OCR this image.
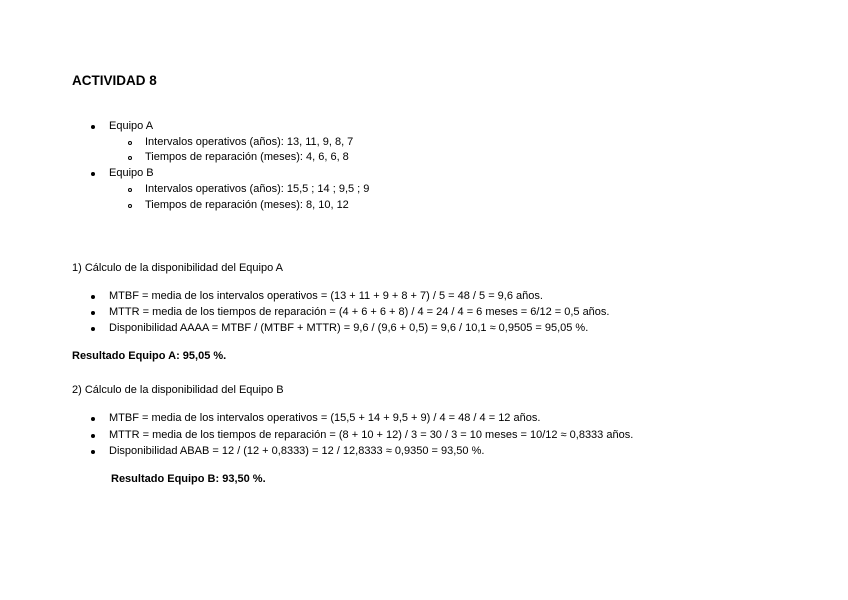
ACTIVIDAD 8
Equipo A
Intervalos operativos (años): 13, 11, 9, 8, 7
Tiempos de reparación (meses): 4, 6, 6, 8
Equipo B
Intervalos operativos (años): 15,5 ; 14 ; 9,5 ; 9
Tiempos de reparación (meses): 8, 10, 12
1) Cálculo de la disponibilidad del Equipo A
MTBF = media de los intervalos operativos = (13 + 11 + 9 + 8 + 7) / 5 = 48 / 5 = 9,6 años.
MTTR = media de los tiempos de reparación = (4 + 6 + 6 + 8) / 4 = 24 / 4 = 6 meses = 6/12 = 0,5 años.
Disponibilidad AAAA = MTBF / (MTBF + MTTR) = 9,6 / (9,6 + 0,5) = 9,6 / 10,1 ≈ 0,9505 = 95,05 %.
Resultado Equipo A: 95,05 %.
2) Cálculo de la disponibilidad del Equipo B
MTBF = media de los intervalos operativos = (15,5 + 14 + 9,5 + 9) / 4 = 48 / 4 = 12 años.
MTTR = media de los tiempos de reparación = (8 + 10 + 12) / 3 = 30 / 3 = 10 meses = 10/12 ≈ 0,8333 años.
Disponibilidad ABAB = 12 / (12 + 0,8333) = 12 / 12,8333 ≈ 0,9350 = 93,50 %.
Resultado Equipo B: 93,50 %.
